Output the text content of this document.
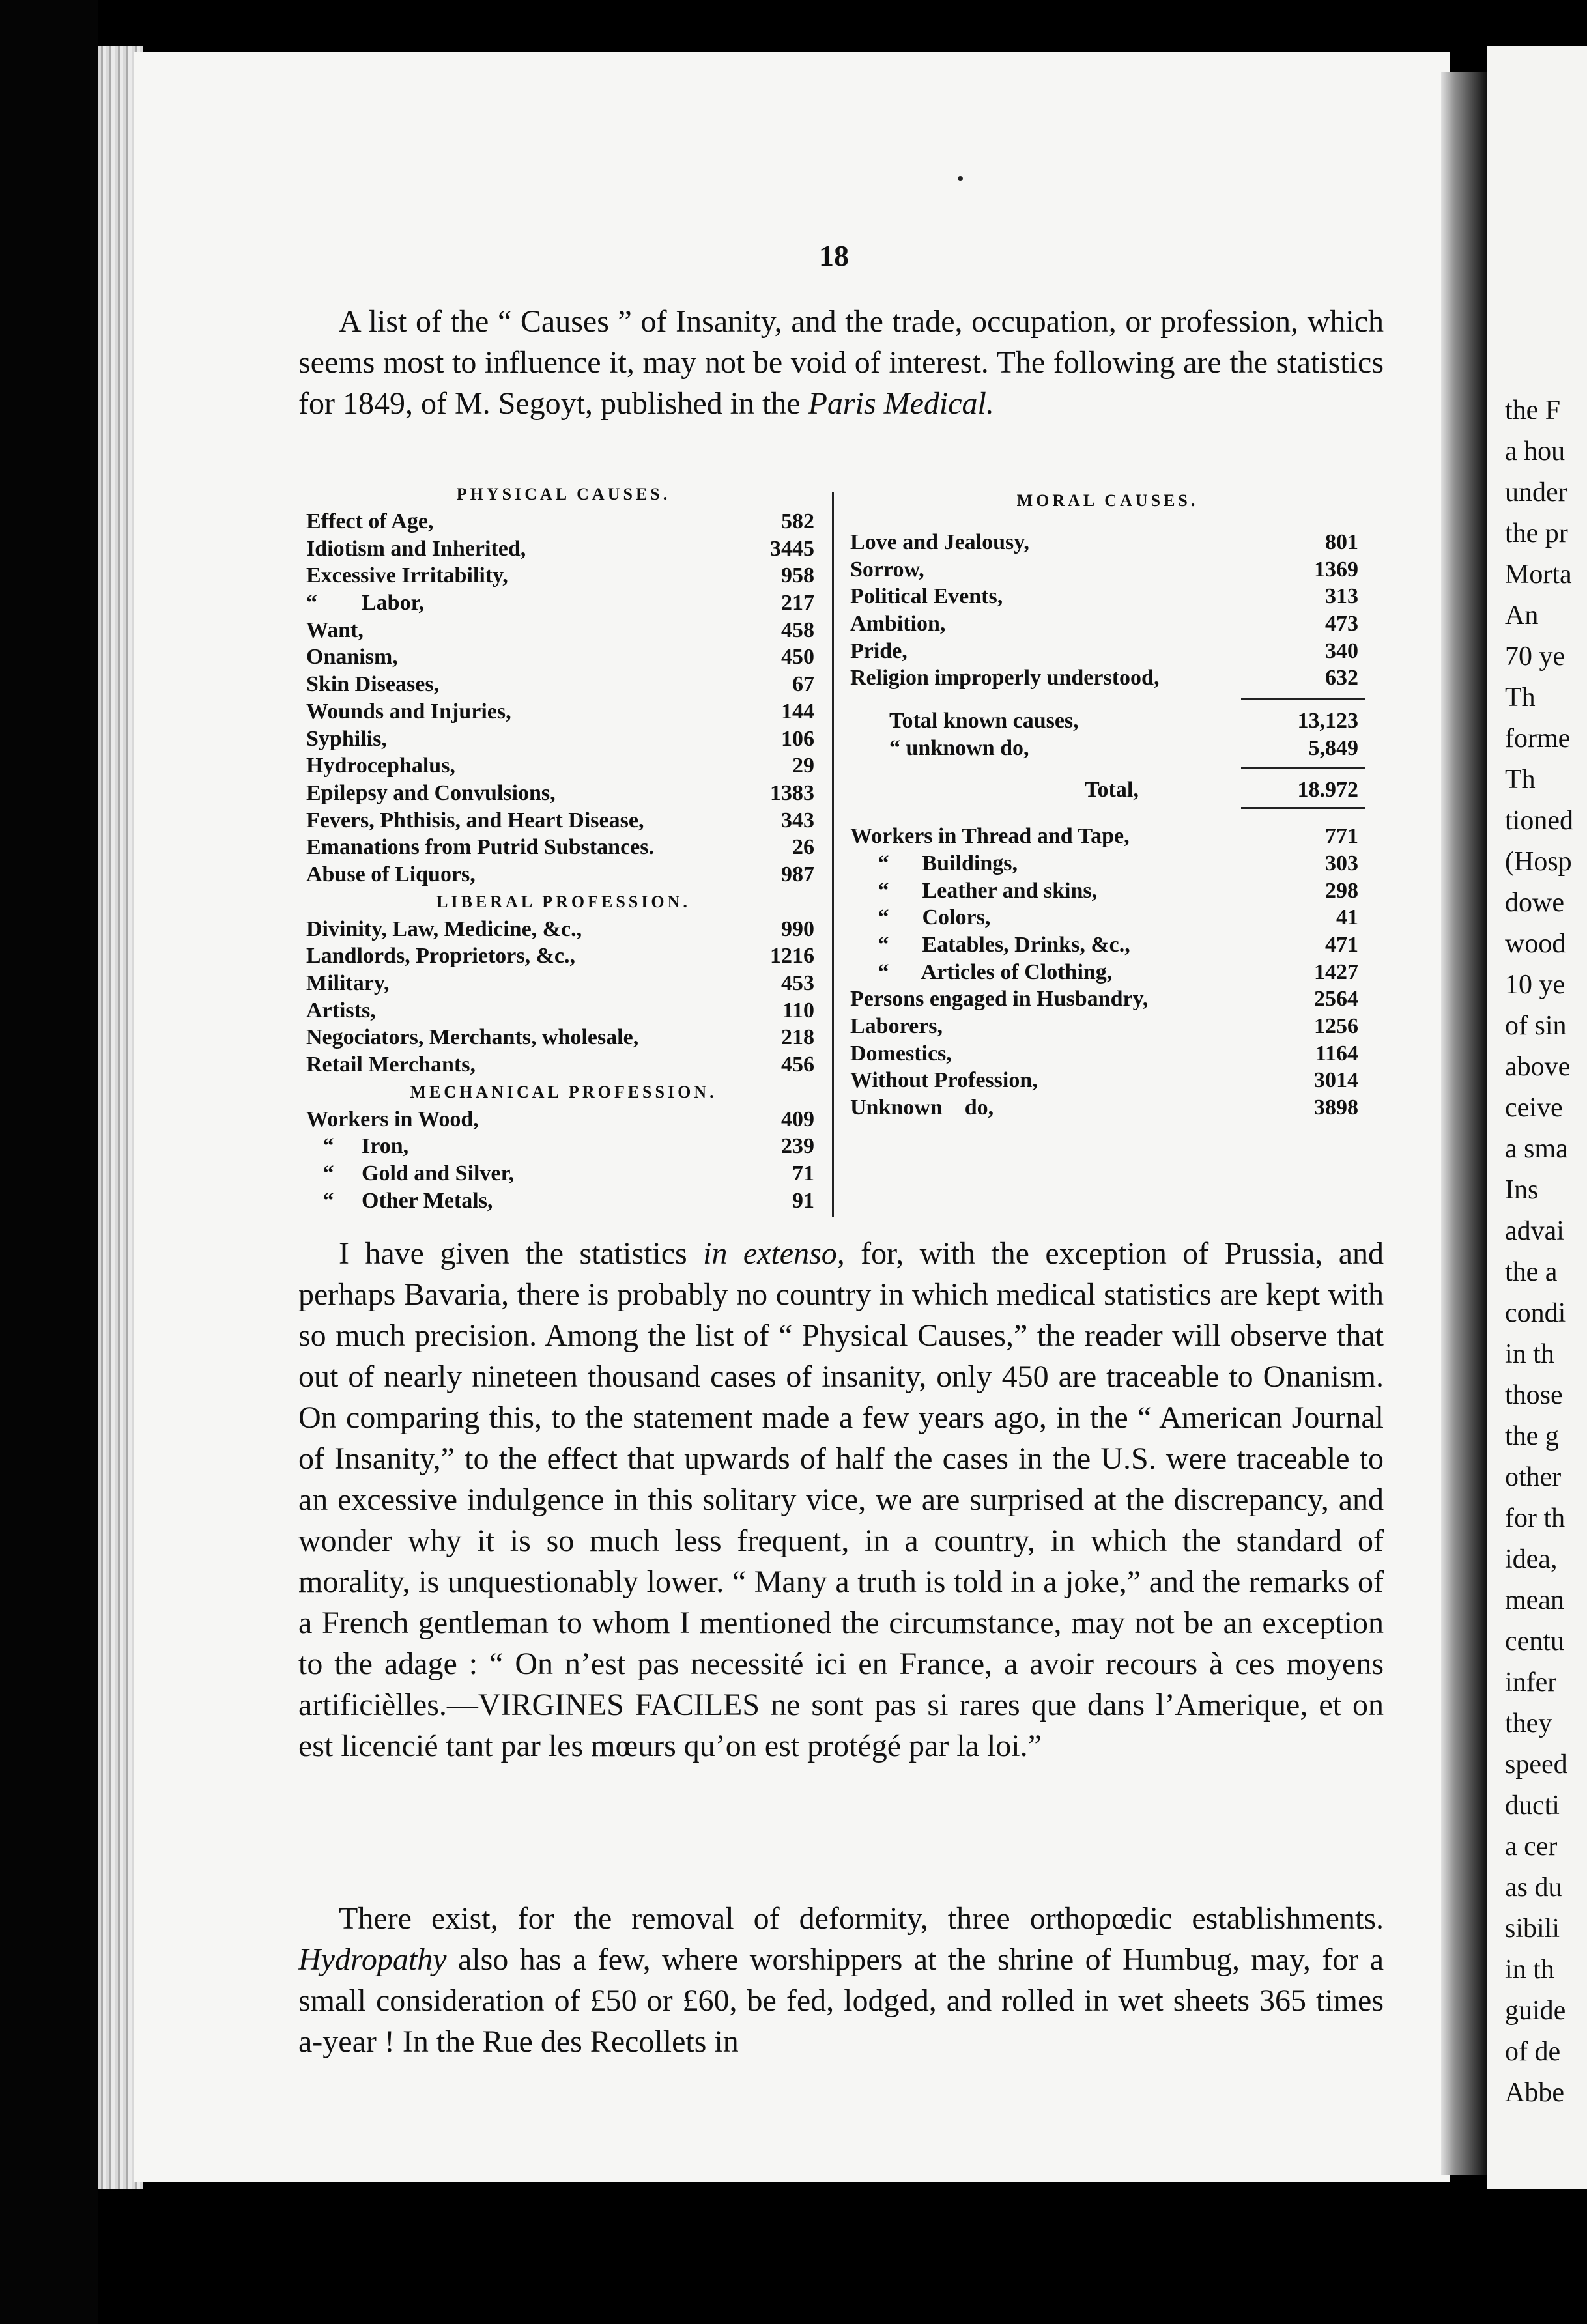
the F
a hou
under
the pr
Morta
An
70 ye
Th
forme
Th
tioned
(Hosp
dowe
wood
10 ye
of sin
above
ceive
a sma
Ins
advai
the a
condi
in th
those
the g
other
for th
idea,
mean
centu
infer
they
speed
ducti
a cer
as du
sibili
in th
guide
of de
Abbe
18

A list of the “ Causes ” of Insanity, and the trade, occupation, or profession, which seems most to influence it, may not be void of interest. The following are the statistics for 1849, of M. Segoyt, published in the Paris Medical.

PHYSICAL CAUSES.
Effect of Age,	582
Idiotism and Inherited,	3445
Excessive Irritability,	958
“        Labor,	217
Want,	458
Onanism,	450
Skin Diseases,	67
Wounds and Injuries,	144
Syphilis,	106
Hydrocephalus,	29
Epilepsy and Convulsions,	1383
Fevers, Phthisis, and Heart Disease,	343
Emanations from Putrid Substances.	26
Abuse of Liquors,	987
LIBERAL PROFESSION.
Divinity, Law, Medicine, &c.,	990
Landlords, Proprietors, &c.,	1216
Military,	453
Artists,	110
Negociators, Merchants, wholesale,	218
Retail Merchants,	456
MECHANICAL PROFESSION.
Workers in Wood,	409
“     Iron,	239
“     Gold and Silver,	71
“     Other Metals,	91
MORAL CAUSES.
Love and Jealousy,	801
Sorrow,	1369
Political Events,	313
Ambition,	473
Pride,	340
Religion improperly understood,	632
Total known causes,	13,123
“ unknown do,	5,849
Total,	18.972
Workers in Thread and Tape,	771
“      Buildings,	303
“      Leather and skins,	298
“      Colors,	41
“      Eatables, Drinks, &c.,	471
“      Articles of Clothing,	1427
Persons engaged in Husbandry,	2564
Laborers,	1256
Domestics,	1164
Without Profession,	3014
Unknown    do,	3898

I have given the statistics in extenso, for, with the exception of Prussia, and perhaps Bavaria, there is probably no country in which medical statistics are kept with so much precision. Among the list of “ Physical Causes,” the reader will observe that out of nearly nineteen thousand cases of insanity, only 450 are traceable to Onanism. On comparing this, to the statement made a few years ago, in the “ American Journal of Insanity,” to the effect that upwards of half the cases in the U.S. were traceable to an excessive indulgence in this solitary vice, we are surprised at the discrepancy, and wonder why it is so much less frequent, in a country, in which the standard of morality, is unquestionably lower. “ Many a truth is told in a joke,” and the remarks of a French gentleman to whom I mentioned the circumstance, may not be an exception to the adage : “ On n’est pas necessité ici en France, a avoir recours à ces moyens artificièlles.—VIRGINES FACILES ne sont pas si rares que dans l’Amerique, et on est licencié tant par les mœurs qu’on est protégé par la loi.”

There exist, for the removal of deformity, three orthopœdic establishments. Hydropathy also has a few, where worshippers at the shrine of Humbug, may, for a small consideration of £50 or £60, be fed, lodged, and rolled in wet sheets 365 times a-year ! In the Rue des Recollets in
